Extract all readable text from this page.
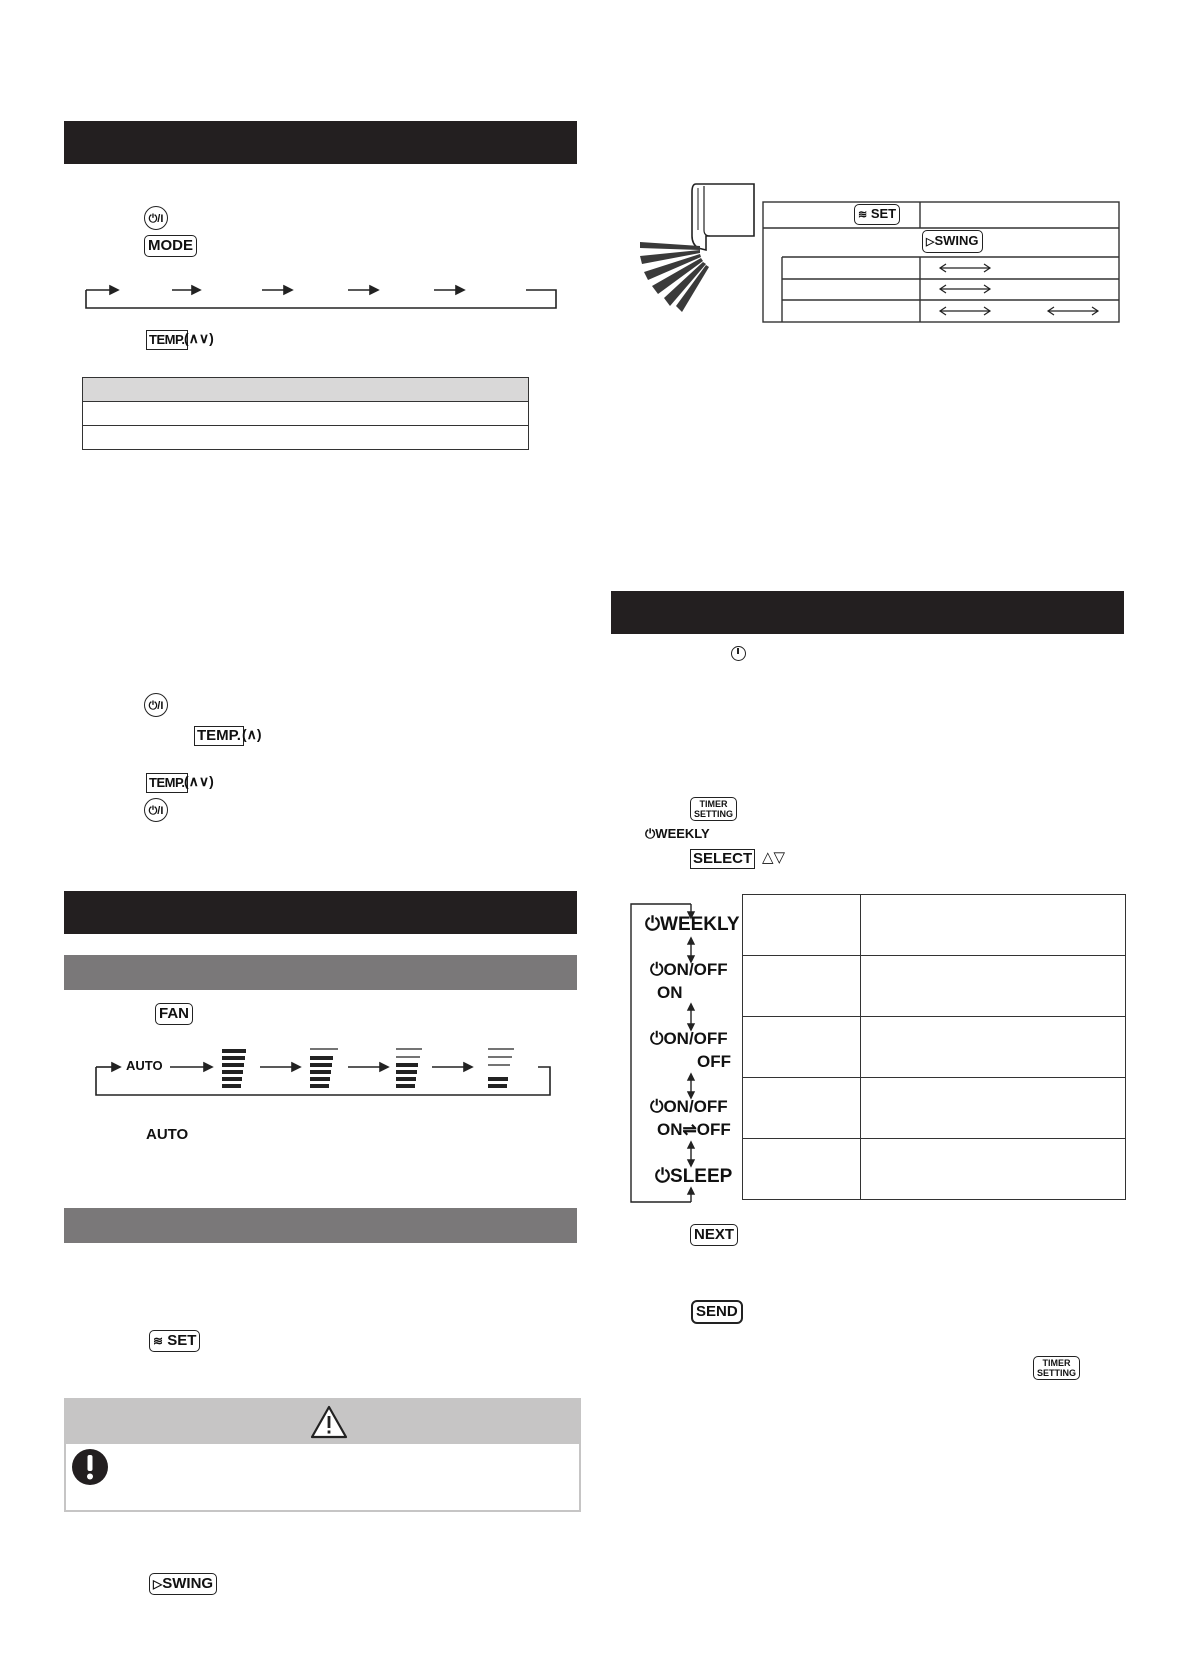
⏻/I
MODE
TEMP. (∧∨)

⏻/I
TEMP. (∧)
TEMP. (∧∨)
⏻/I
FAN
AUTO
AUTO
≋ SET
▷SWING
≋ SET
▷SWING
TIMER
SETTING
⏻WEEKLY
SELECT △▽
⏻WEEKLY
⏻ON/OFF
ON
⏻ON/OFF
OFF
⏻ON/OFF
ON⇌OFF
⏻SLEEP

NEXT
SEND
TIMER
SETTING
